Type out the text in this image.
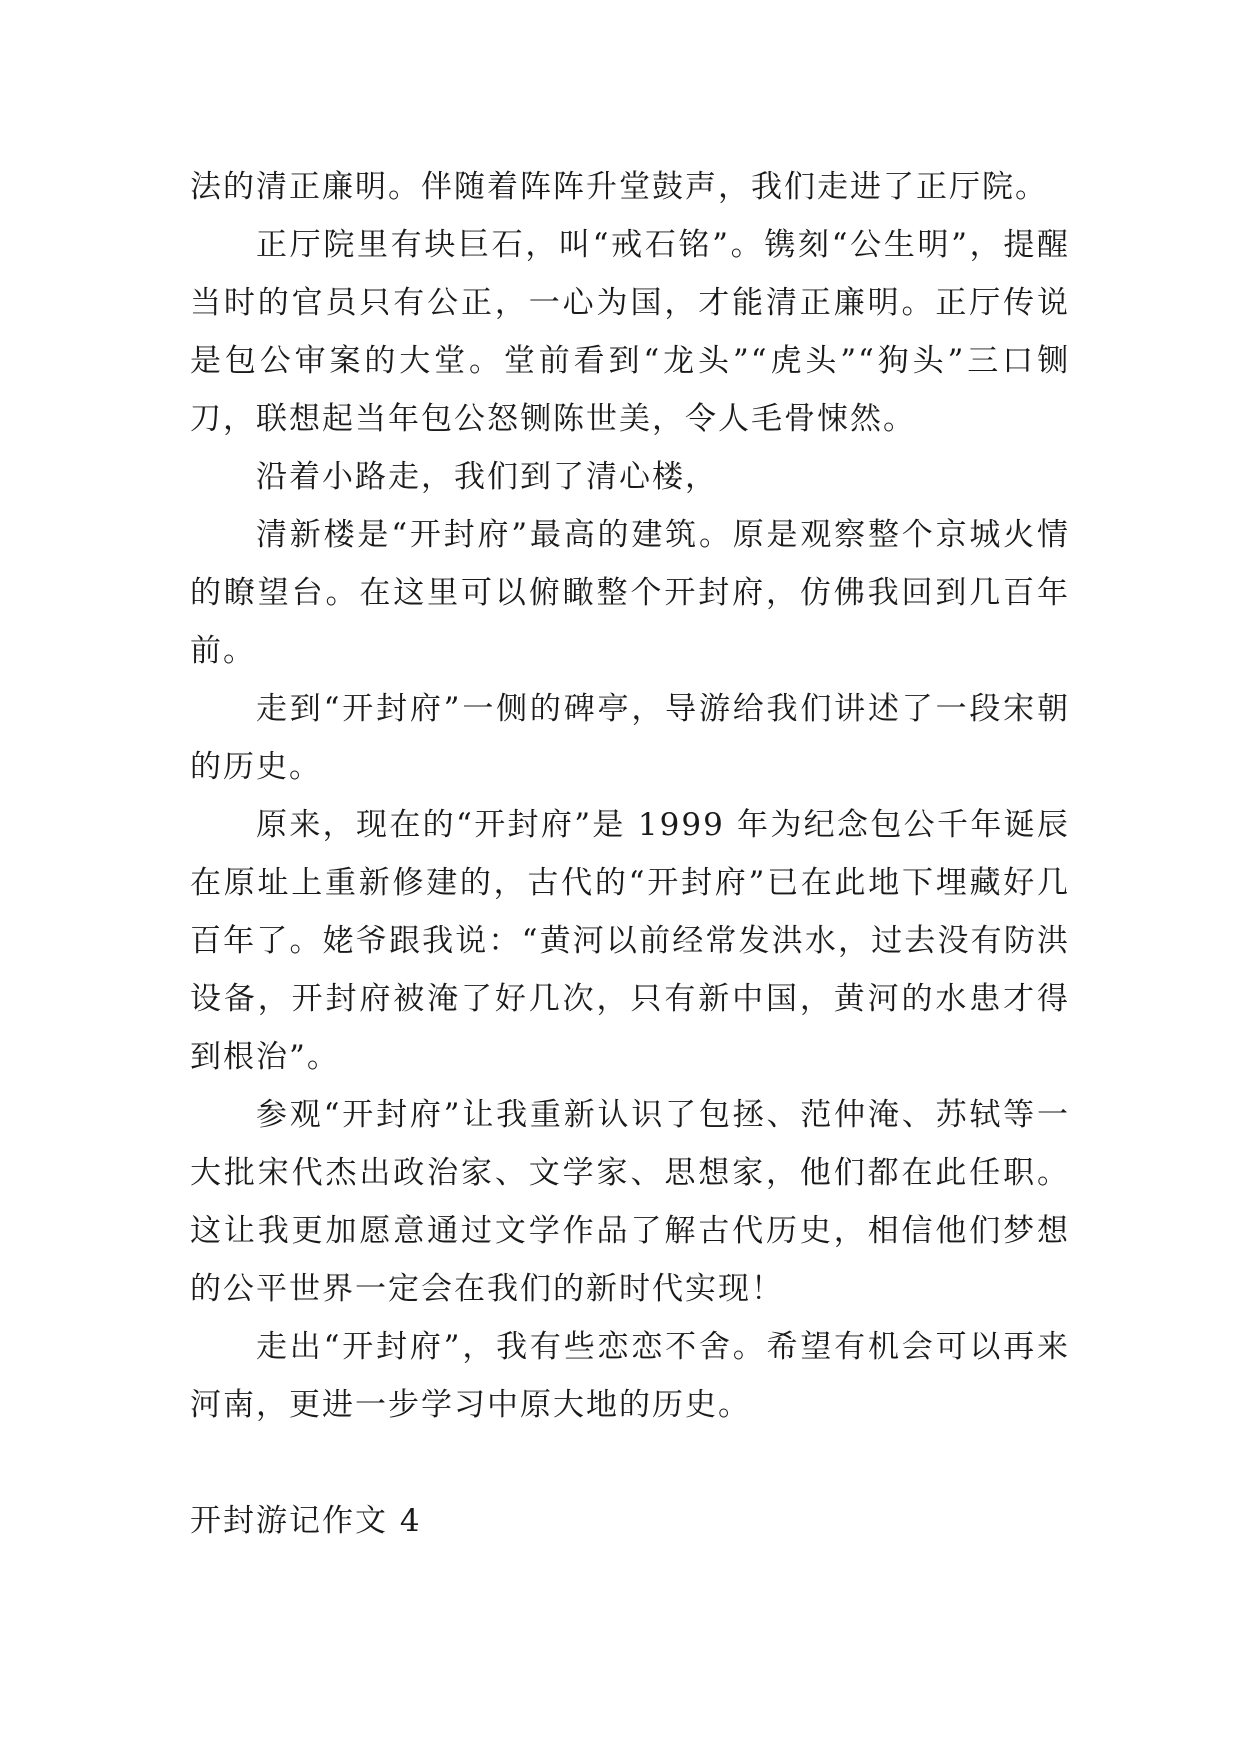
法的清正廉明。伴随着阵阵升堂鼓声，我们走进了正厅院。

正厅院里有块巨石，叫“戒石铭”。镌刻“公生明”，提醒当时的官员只有公正，一心为国，才能清正廉明。正厅传说是包公审案的大堂。堂前看到“龙头”“虎头”“狗头”三口铡刀，联想起当年包公怒铡陈世美，令人毛骨悚然。

沿着小路走，我们到了清心楼，

清新楼是“开封府”最高的建筑。原是观察整个京城火情的瞭望台。在这里可以俯瞰整个开封府，仿佛我回到几百年前。

走到“开封府”一侧的碑亭，导游给我们讲述了一段宋朝的历史。

原来，现在的“开封府”是 1999 年为纪念包公千年诞辰在原址上重新修建的，古代的“开封府”已在此地下埋藏好几百年了。姥爷跟我说：“黄河以前经常发洪水，过去没有防洪设备，开封府被淹了好几次，只有新中国，黄河的水患才得到根治”。

参观“开封府”让我重新认识了包拯、范仲淹、苏轼等一大批宋代杰出政治家、文学家、思想家，他们都在此任职。这让我更加愿意通过文学作品了解古代历史，相信他们梦想的公平世界一定会在我们的新时代实现！

走出“开封府”，我有些恋恋不舍。希望有机会可以再来河南，更进一步学习中原大地的历史。

开封游记作文 4
